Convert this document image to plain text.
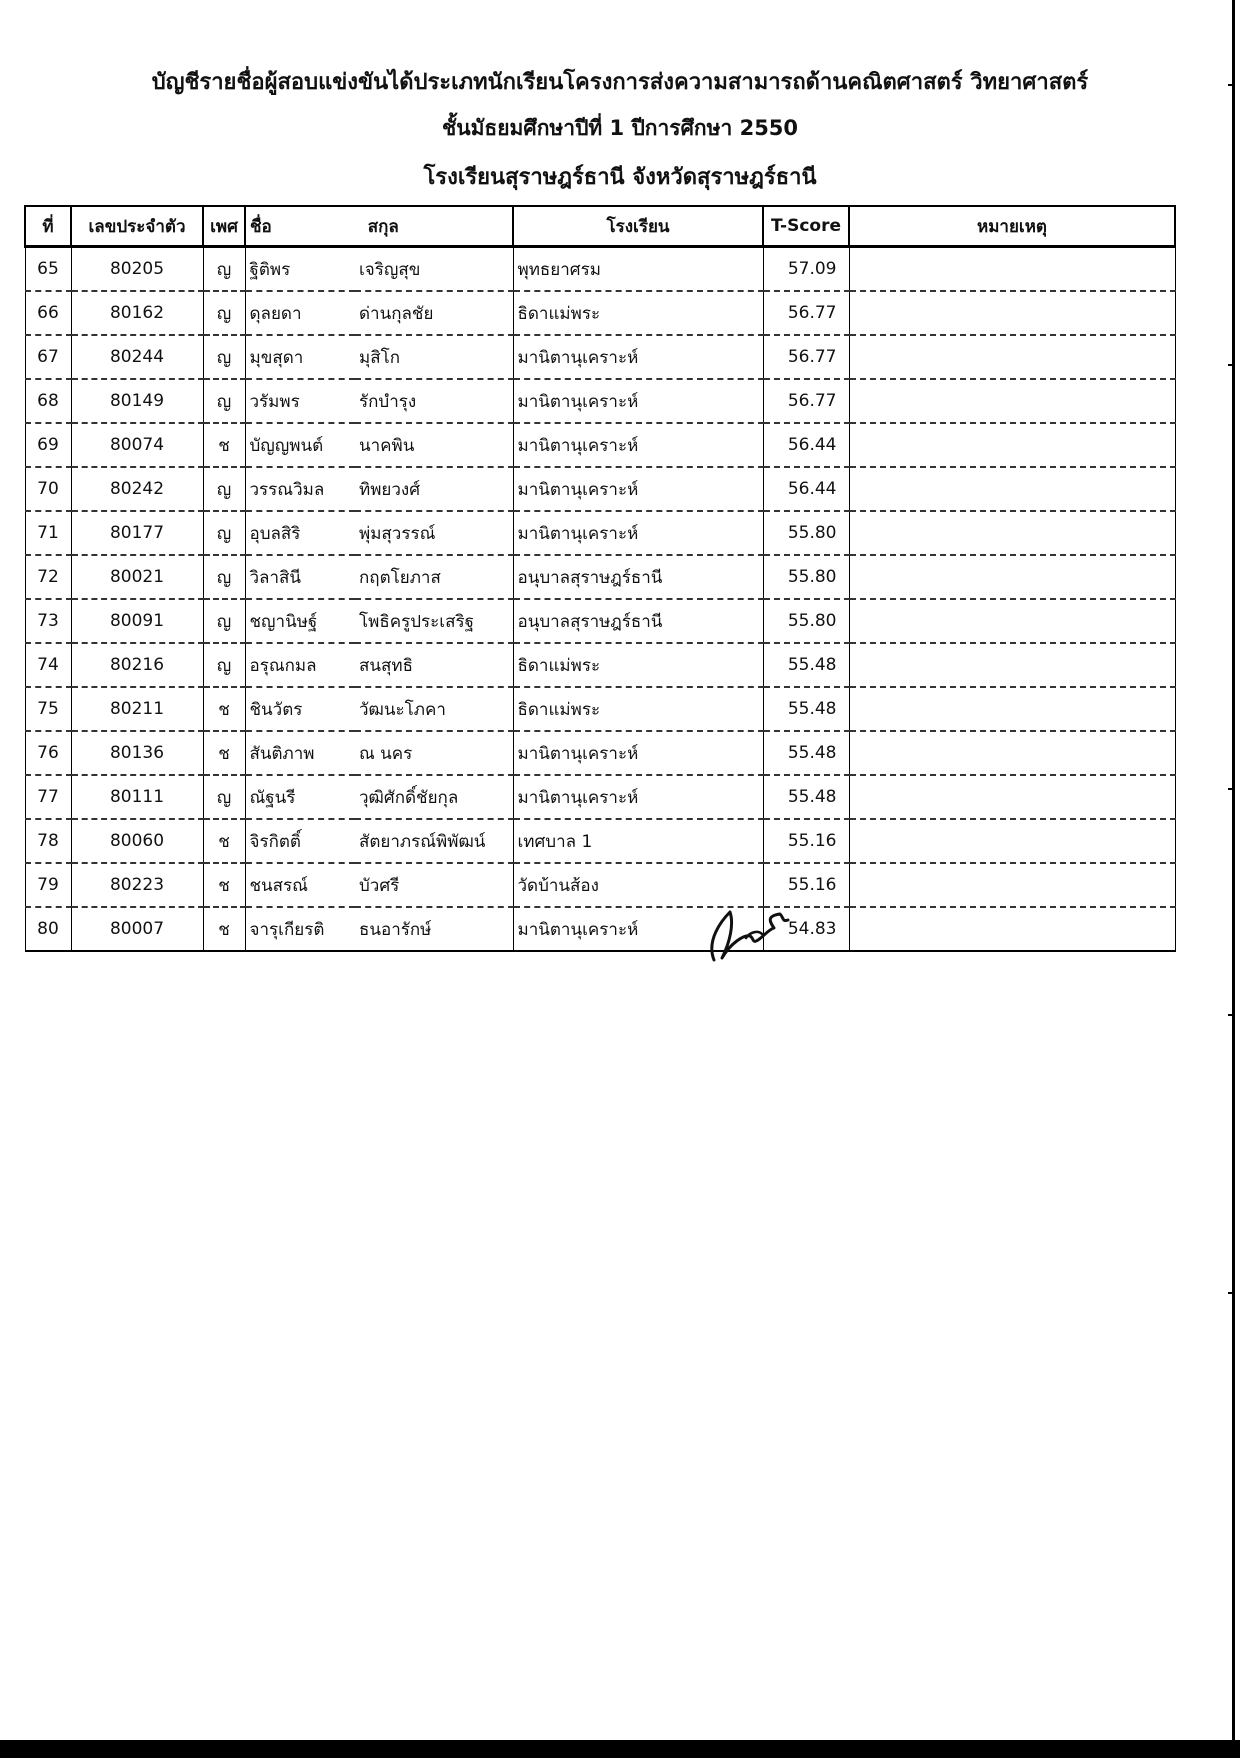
บัญชีรายชื่อผู้สอบแข่งขันได้ประเภทนักเรียนโครงการส่งความสามารถด้านคณิตศาสตร์ วิทยาศาสตร์
ชั้นมัธยมศึกษาปีที่ 1 ปีการศึกษา 2550
โรงเรียนสุราษฎร์ธานี จังหวัดสุราษฎร์ธานี
ที่	เลขประจำตัว	เพศ	ชื่อ สกุล		โรงเรียน	T-Score	หมายเหตุ
65	80205	ญ	ฐิติพร	เจริญสุข	พุทธยาศรม	57.09	
66	80162	ญ	ดุลยดา	ด่านกุลชัย	ธิดาแม่พระ	56.77	
67	80244	ญ	มุขสุดา	มุสิโก	มานิตานุเคราะห์	56.77	
68	80149	ญ	วรัมพร	รักบำรุง	มานิตานุเคราะห์	56.77	
69	80074	ช	บัญญพนต์	นาคพิน	มานิตานุเคราะห์	56.44	
70	80242	ญ	วรรณวิมล	ทิพยวงศ์	มานิตานุเคราะห์	56.44	
71	80177	ญ	อุบลสิริ	พุ่มสุวรรณ์	มานิตานุเคราะห์	55.80	
72	80021	ญ	วิลาสินี	กฤตโยภาส	อนุบาลสุราษฎร์ธานี	55.80	
73	80091	ญ	ชญานิษฐ์	โพธิครูประเสริฐ	อนุบาลสุราษฎร์ธานี	55.80	
74	80216	ญ	อรุณกมล	สนสุทธิ	ธิดาแม่พระ	55.48	
75	80211	ช	ชินวัตร	วัฒนะโภคา	ธิดาแม่พระ	55.48	
76	80136	ช	สันติภาพ	ณ นคร	มานิตานุเคราะห์	55.48	
77	80111	ญ	ณัฐนรี	วุฒิศักดิ์ชัยกุล	มานิตานุเคราะห์	55.48	
78	80060	ช	จิรกิตติ์	สัตยาภรณ์พิพัฒน์	เทศบาล 1	55.16	
79	80223	ช	ชนสรณ์	บัวศรี	วัดบ้านส้อง	55.16	
80	80007	ช	จารุเกียรติ	ธนอารักษ์	มานิตานุเคราะห์	54.83	
